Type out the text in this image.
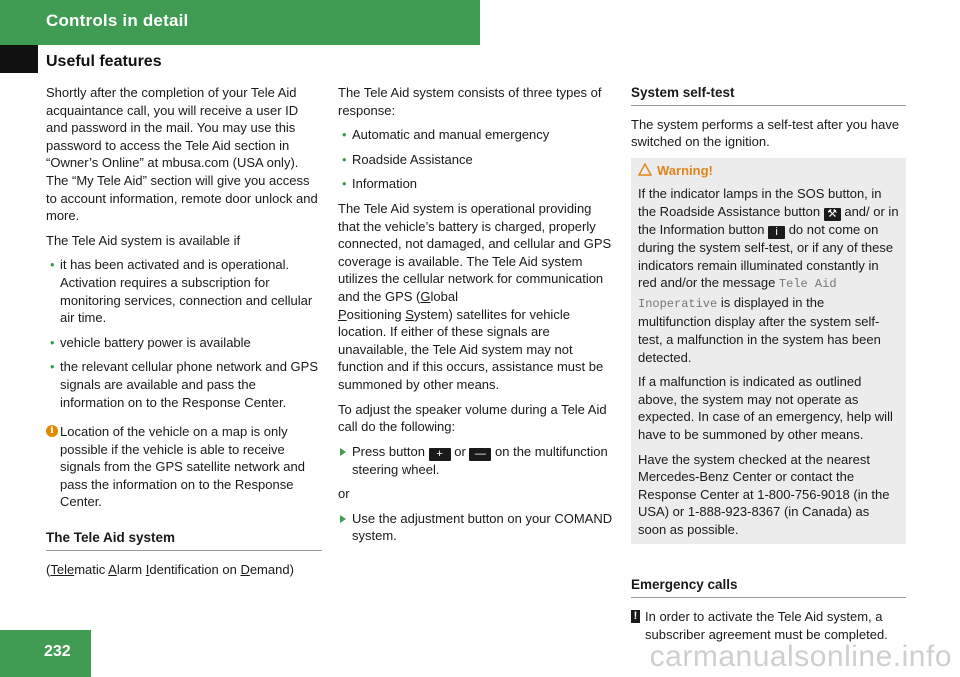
Controls in detail
Useful features

Shortly after the completion of your Tele Aid acquaintance call, you will receive a user ID and password in the mail. You may use this password to access the Tele Aid section in “Owner’s Online” at mbusa.com (USA only). The “My Tele Aid” section will give you access to account information, remote door unlock and more.

The Tele Aid system is available if

• it has been activated and is operational. Activation requires a subscription for monitoring services, connection and cellular air time.
• vehicle battery power is available
• the relevant cellular phone network and GPS signals are available and pass the information on to the Response Center.
i Location of the vehicle on a map is only possible if the vehicle is able to receive signals from the GPS satellite network and pass the information on to the Response Center.
The Tele Aid system

(Telematic Alarm Identification on Demand)

The Tele Aid system consists of three types of response:

• Automatic and manual emergency
• Roadside Assistance
• Information

The Tele Aid system is operational providing that the vehicle’s battery is charged, properly connected, not damaged, and cellular and GPS coverage is available. The Tele Aid system utilizes the cellular network for communication and the GPS (Global
Positioning System) satellites for vehicle location. If either of these signals are unavailable, the Tele Aid system may not function and if this occurs, assistance must be summoned by other means.

To adjust the speaker volume during a Tele Aid call do the following:

Press button + or — on the multifunction steering wheel.

or

Use the adjustment button on your COMAND system.
System self-test

The system performs a self-test after you have switched on the ignition.

Warning!

If the indicator lamps in the SOS button, in the Roadside Assistance button ⚒ and/ or in the Information button i do not come on during the system self-test, or if any of these indicators remain illuminated constantly in red and/or the message Tele Aid Inoperative is displayed in the multifunction display after the system self-test, a malfunction in the system has been detected.

If a malfunction is indicated as outlined above, the system may not operate as expected. In case of an emergency, help will have to be summoned by other means.

Have the system checked at the nearest Mercedes-Benz Center or contact the Response Center at 1-800-756-9018 (in the USA) or 1-888-923-8367 (in Canada) as soon as possible.

Emergency calls
! In order to activate the Tele Aid system, a subscriber agreement must be completed.
232	carmanualsonline.info
